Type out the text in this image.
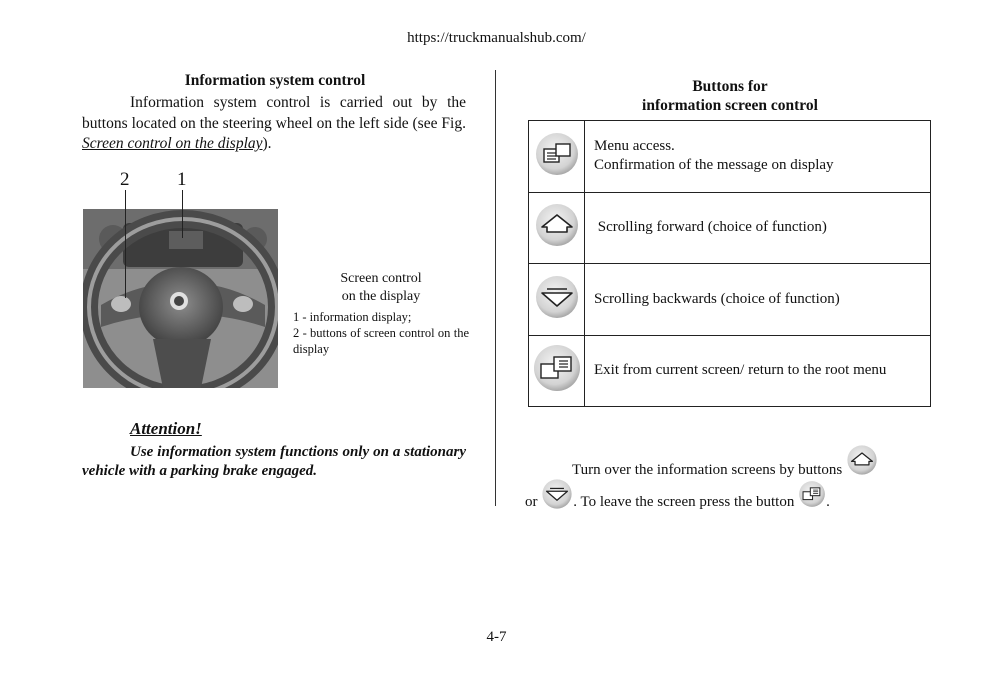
https://truckmanualshub.com/
Information system control
Information system control is carried out by the buttons located on the steering wheel on the left side (see Fig. Screen control on the display).
2	1
Screen control
on the display
1 - information display;
2 - buttons of screen control on the display
Attention!
Use information system functions only on a stationary vehicle with a parking brake engaged.
Buttons for
information screen control

Menu access.
Confirmation of the message on display

Scrolling forward (choice of function)

Scrolling backwards (choice of function)

Exit from current screen/ return to the root menu
Turn over the information screens by buttons
or . To leave the screen press the button .
4-7
